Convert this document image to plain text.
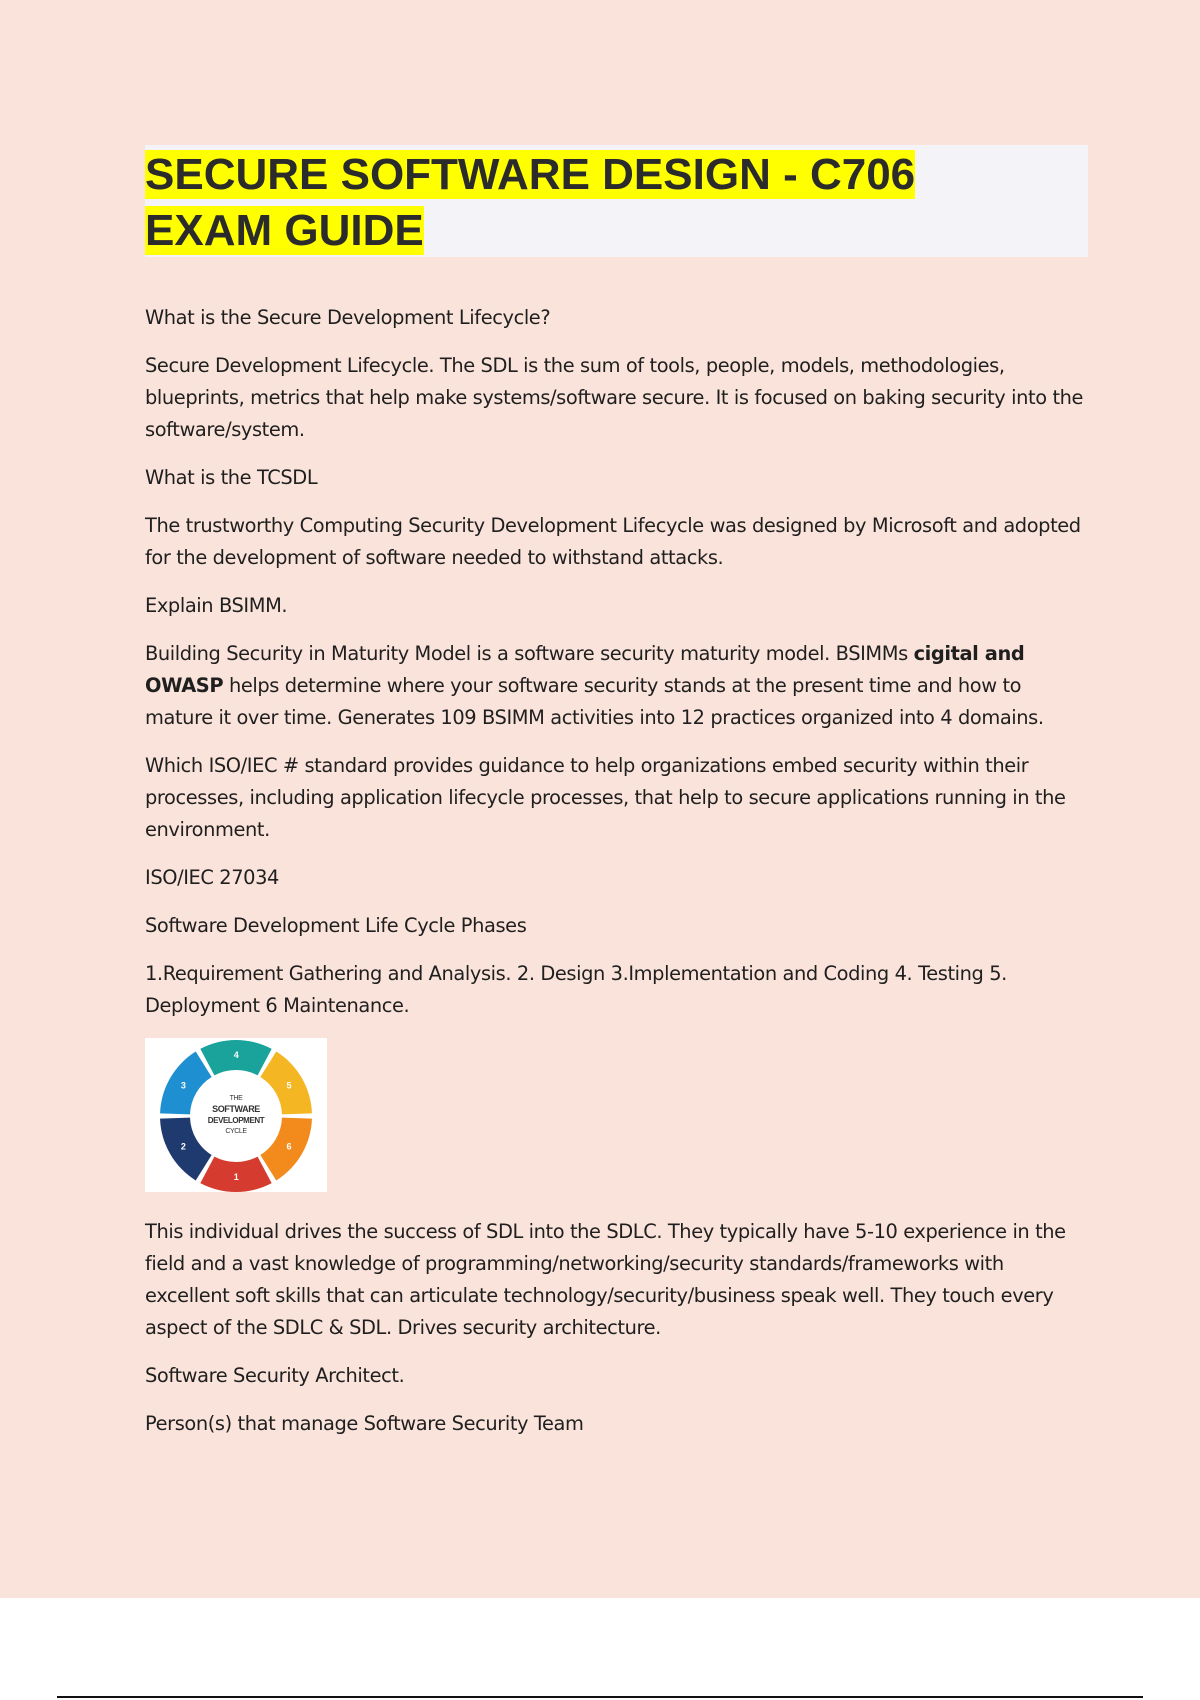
SECURE SOFTWARE DESIGN - C706
EXAM GUIDE

What is the Secure Development Lifecycle?

Secure Development Lifecycle. The SDL is the sum of tools, people, models, methodologies, blueprints, metrics that help make systems/software secure. It is focused on baking security into the software/system.

What is the TCSDL

The trustworthy Computing Security Development Lifecycle was designed by Microsoft and adopted for the development of software needed to withstand attacks.

Explain BSIMM.

Building Security in Maturity Model is a software security maturity model. BSIMMs cigital and OWASP helps determine where your software security stands at the present time and how to mature it over time. Generates 109 BSIMM activities into 12 practices organized into 4 domains.

Which ISO/IEC # standard provides guidance to help organizations embed security within their processes, including application lifecycle processes, that help to secure applications running in the environment.

ISO/IEC 27034

Software Development Life Cycle Phases

1.Requirement Gathering and Analysis. 2. Design 3.Implementation and Coding 4. Testing 5. Deployment 6 Maintenance.

1
2
3
4
5
6
THE
SOFTWARE
DEVELOPMENT
CYCLE

This individual drives the success of SDL into the SDLC. They typically have 5-10 experience in the field and a vast knowledge of programming/networking/security standards/frameworks with excellent soft skills that can articulate technology/security/business speak well. They touch every aspect of the SDLC & SDL. Drives security architecture.

Software Security Architect.

Person(s) that manage Software Security Team
